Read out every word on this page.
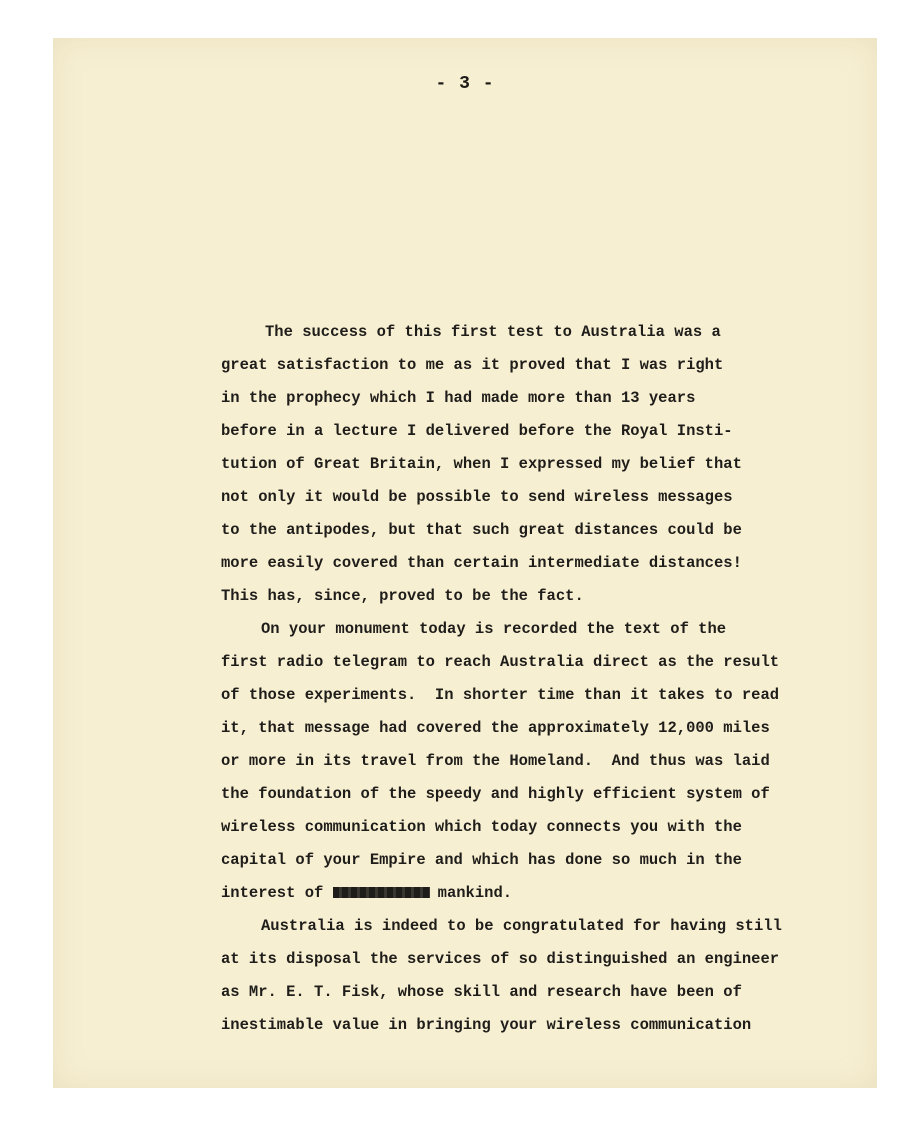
- 3 -
The success of this first test to Australia was a
great satisfaction to me as it proved that I was right
in the prophecy which I had made more than 13 years
before in a lecture I delivered before the Royal Insti-
tution of Great Britain, when I expressed my belief that
not only it would be possible to send wireless messages
to the antipodes, but that such great distances could be
more easily covered than certain intermediate distances!
This has, since, proved to be the fact.
On your monument today is recorded the text of the
first radio telegram to reach Australia direct as the result
of those experiments.  In shorter time than it takes to read
it, that message had covered the approximately 12,000 miles
or more in its travel from the Homeland.  And thus was laid
the foundation of the speedy and highly efficient system of
wireless communication which today connects you with the
capital of your Empire and which has done so much in the
interest of	mankind.
Australia is indeed to be congratulated for having still
at its disposal the services of so distinguished an engineer
as Mr. E. T. Fisk, whose skill and research have been of
inestimable value in bringing your wireless communication
